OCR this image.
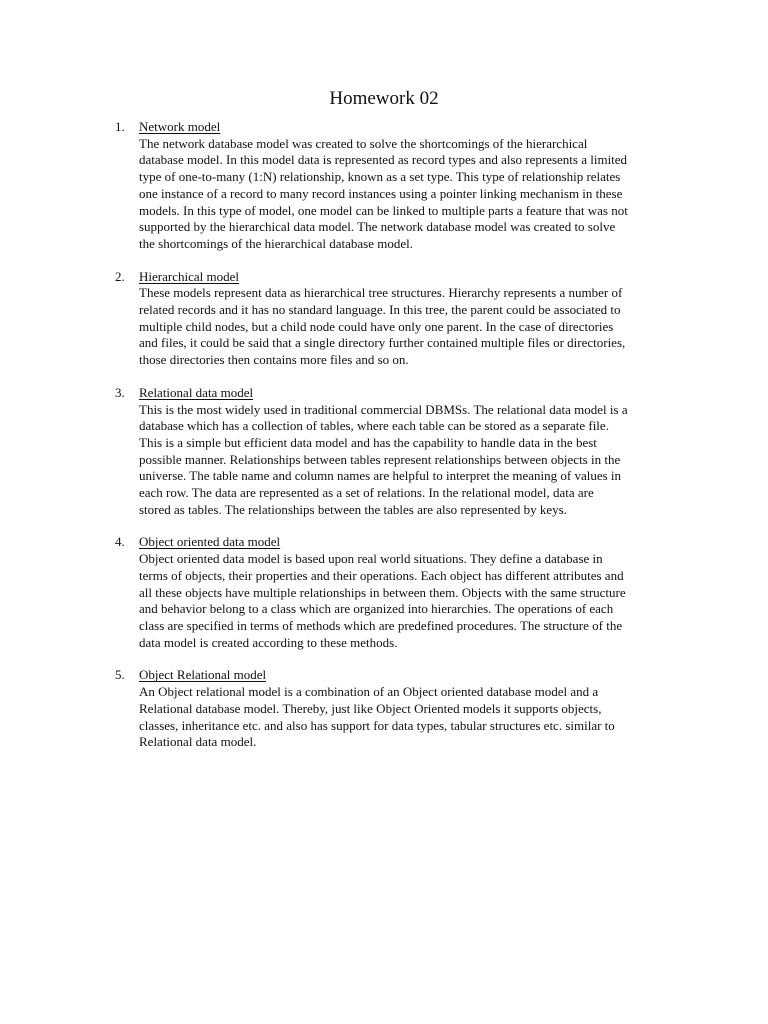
Homework 02
1.	Network model

The network database model was created to solve the shortcomings of the hierarchical
database model. In this model data is represented as record types and also represents a limited
type of one-to-many (1:N) relationship, known as a set type. This type of relationship relates
one instance of a record to many record instances using a pointer linking mechanism in these
models. In this type of model, one model can be linked to multiple parts a feature that was not
supported by the hierarchical data model. The network database model was created to solve
the shortcomings of the hierarchical database model.

2.	Hierarchical model

These models represent data as hierarchical tree structures. Hierarchy represents a number of
related records and it has no standard language. In this tree, the parent could be associated to
multiple child nodes, but a child node could have only one parent. In the case of directories
and files, it could be said that a single directory further contained multiple files or directories,
those directories then contains more files and so on.

3.	Relational data model

This is the most widely used in traditional commercial DBMSs. The relational data model is a
database which has a collection of tables, where each table can be stored as a separate file.
This is a simple but efficient data model and has the capability to handle data in the best
possible manner. Relationships between tables represent relationships between objects in the
universe. The table name and column names are helpful to interpret the meaning of values in
each row. The data are represented as a set of relations. In the relational model, data are
stored as tables. The relationships between the tables are also represented by keys.

4.	Object oriented data model

Object oriented data model is based upon real world situations. They define a database in
terms of objects, their properties and their operations. Each object has different attributes and
all these objects have multiple relationships in between them. Objects with the same structure
and behavior belong to a class which are organized into hierarchies. The operations of each
class are specified in terms of methods which are predefined procedures. The structure of the
data model is created according to these methods.

5.	Object Relational model

An Object relational model is a combination of an Object oriented database model and a
Relational database model. Thereby, just like Object Oriented models it supports objects,
classes, inheritance etc. and also has support for data types, tabular structures etc. similar to
Relational data model.
